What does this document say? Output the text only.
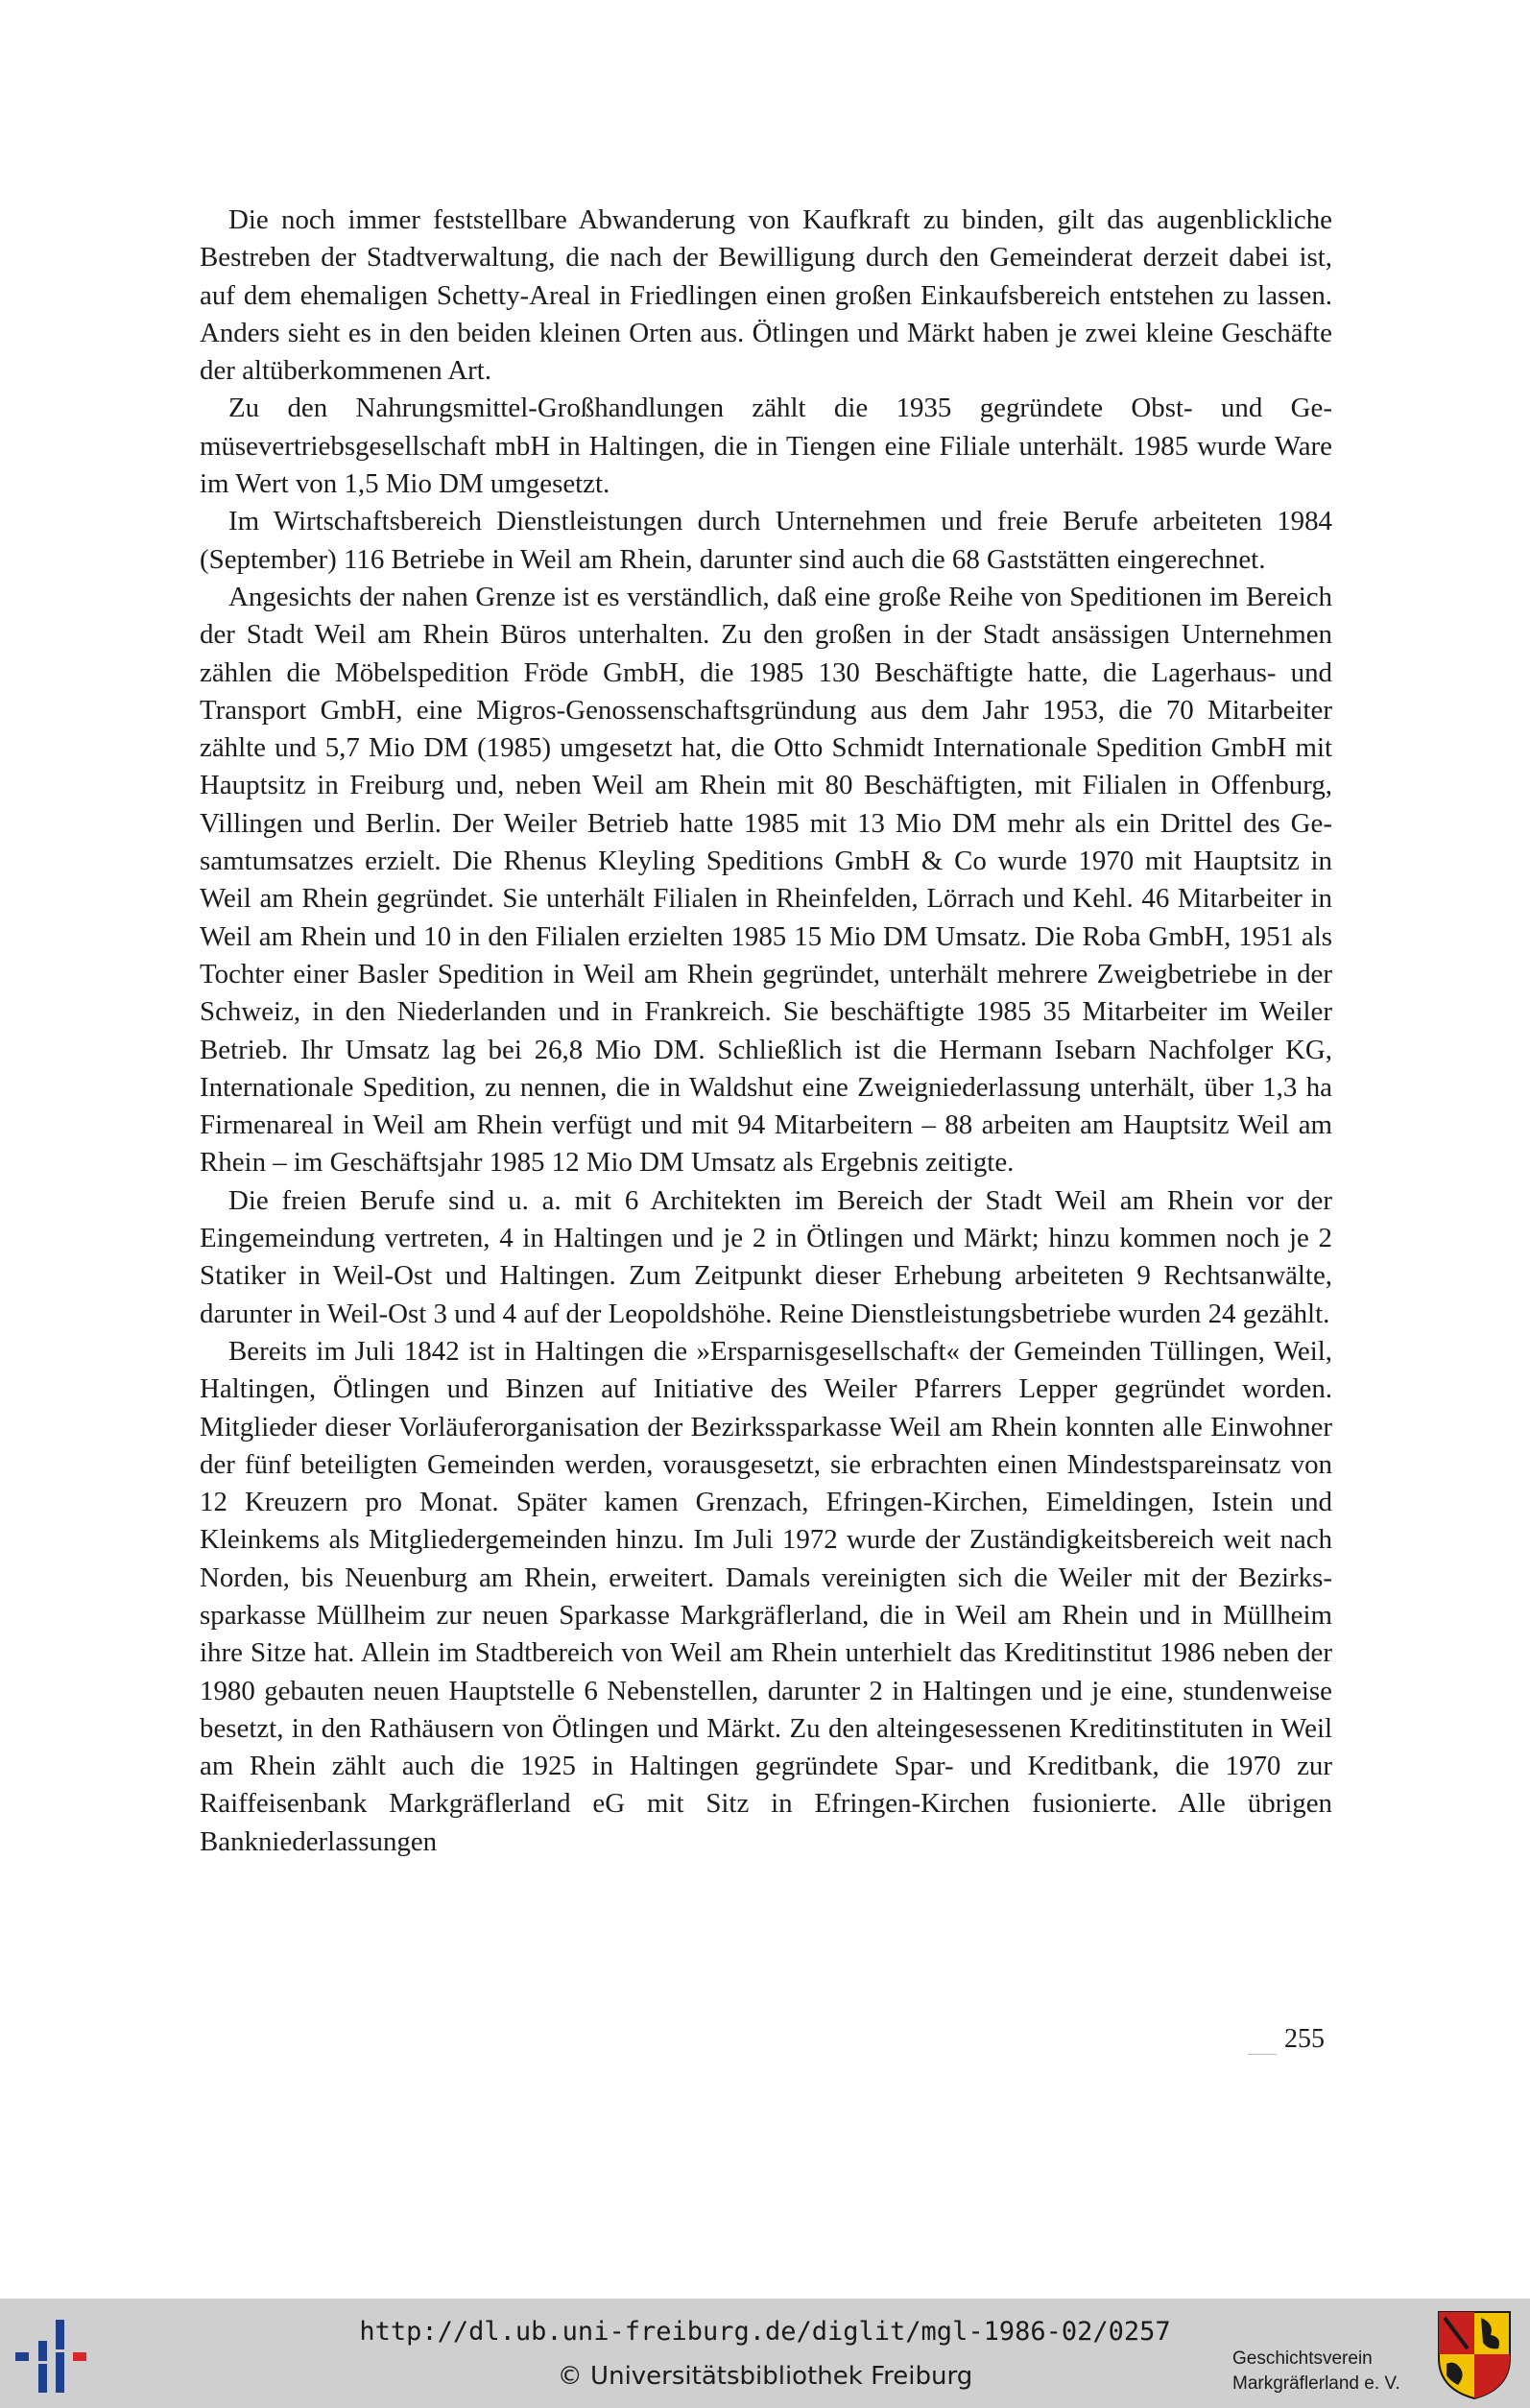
Die noch immer feststellbare Abwanderung von Kaufkraft zu binden, gilt das augenblickliche Bestreben der Stadtverwaltung, die nach der Bewilligung durch den Gemeinderat derzeit dabei ist, auf dem ehemaligen Schetty-Areal in Friedlingen einen großen Einkaufsbereich entstehen zu lassen. Anders sieht es in den beiden kleinen Orten aus. Ötlingen und Märkt haben je zwei kleine Geschäfte der altüberkommenen Art.

Zu den Nahrungsmittel-Großhandlungen zählt die 1935 gegründete Obst- und Gemüsevertriebsgesellschaft mbH in Haltingen, die in Tiengen eine Filiale unterhält. 1985 wurde Ware im Wert von 1,5 Mio DM umgesetzt.

Im Wirtschaftsbereich Dienstleistungen durch Unternehmen und freie Berufe arbeiteten 1984 (September) 116 Betriebe in Weil am Rhein, darunter sind auch die 68 Gaststätten eingerechnet.

Angesichts der nahen Grenze ist es verständlich, daß eine große Reihe von Speditionen im Bereich der Stadt Weil am Rhein Büros unterhalten. Zu den großen in der Stadt ansässigen Unternehmen zählen die Möbelspedition Fröde GmbH, die 1985 130 Beschäftigte hatte, die Lagerhaus- und Transport GmbH, eine Migros-Genossenschaftsgründung aus dem Jahr 1953, die 70 Mitarbeiter zählte und 5,7 Mio DM (1985) umgesetzt hat, die Otto Schmidt Internationale Spedition GmbH mit Hauptsitz in Freiburg und, neben Weil am Rhein mit 80 Beschäftigten, mit Filialen in Offenburg, Villingen und Berlin. Der Weiler Betrieb hatte 1985 mit 13 Mio DM mehr als ein Drittel des Gesamtumsatzes erzielt. Die Rhenus Kleyling Speditions GmbH & Co wurde 1970 mit Hauptsitz in Weil am Rhein gegründet. Sie unterhält Filialen in Rheinfelden, Lörrach und Kehl. 46 Mitarbeiter in Weil am Rhein und 10 in den Filialen erzielten 1985 15 Mio DM Umsatz. Die Roba GmbH, 1951 als Tochter einer Basler Spedition in Weil am Rhein gegründet, unterhält mehrere Zweigbetriebe in der Schweiz, in den Niederlanden und in Frankreich. Sie beschäftigte 1985 35 Mitarbeiter im Weiler Betrieb. Ihr Umsatz lag bei 26,8 Mio DM. Schließlich ist die Hermann Isebarn Nachfolger KG, Internationale Spedition, zu nennen, die in Waldshut eine Zweigniederlassung unterhält, über 1,3 ha Firmenareal in Weil am Rhein verfügt und mit 94 Mitarbeitern – 88 arbeiten am Hauptsitz Weil am Rhein – im Geschäftsjahr 1985 12 Mio DM Umsatz als Ergebnis zeitigte.

Die freien Berufe sind u. a. mit 6 Architekten im Bereich der Stadt Weil am Rhein vor der Eingemeindung vertreten, 4 in Haltingen und je 2 in Ötlingen und Märkt; hinzu kommen noch je 2 Statiker in Weil-Ost und Haltingen. Zum Zeitpunkt dieser Erhebung arbeiteten 9 Rechtsanwälte, darunter in Weil-Ost 3 und 4 auf der Leopoldshöhe. Reine Dienstleistungsbetriebe wurden 24 gezählt.

Bereits im Juli 1842 ist in Haltingen die »Ersparnisgesellschaft« der Gemeinden Tüllingen, Weil, Haltingen, Ötlingen und Binzen auf Initiative des Weiler Pfarrers Lepper gegründet worden. Mitglieder dieser Vorläuferorganisation der Bezirkssparkasse Weil am Rhein konnten alle Einwohner der fünf beteiligten Gemeinden werden, vorausgesetzt, sie erbrachten einen Mindestspareinsatz von 12 Kreuzern pro Monat. Später kamen Grenzach, Efringen-Kirchen, Eimeldingen, Istein und Kleinkems als Mitgliedergemeinden hinzu. Im Juli 1972 wurde der Zuständigkeitsbereich weit nach Norden, bis Neuenburg am Rhein, erweitert. Damals vereinigten sich die Weiler mit der Bezirkssparkasse Müllheim zur neuen Sparkasse Markgräflerland, die in Weil am Rhein und in Müllheim ihre Sitze hat. Allein im Stadtbereich von Weil am Rhein unterhielt das Kreditinstitut 1986 neben der 1980 gebauten neuen Hauptstelle 6 Nebenstellen, darunter 2 in Haltingen und je eine, stundenweise besetzt, in den Rathäusern von Ötlingen und Märkt. Zu den alteingesessenen Kreditinstituten in Weil am Rhein zählt auch die 1925 in Haltingen gegründete Spar- und Kreditbank, die 1970 zur Raiffeisenbank Markgräflerland eG mit Sitz in Efringen-Kirchen fusionierte. Alle übrigen Bankniederlassungen

255
http://dl.ub.uni-freiburg.de/diglit/mgl-1986-02/0257
© Universitätsbibliothek Freiburg
Geschichtsverein
Markgräflerland e. V.
